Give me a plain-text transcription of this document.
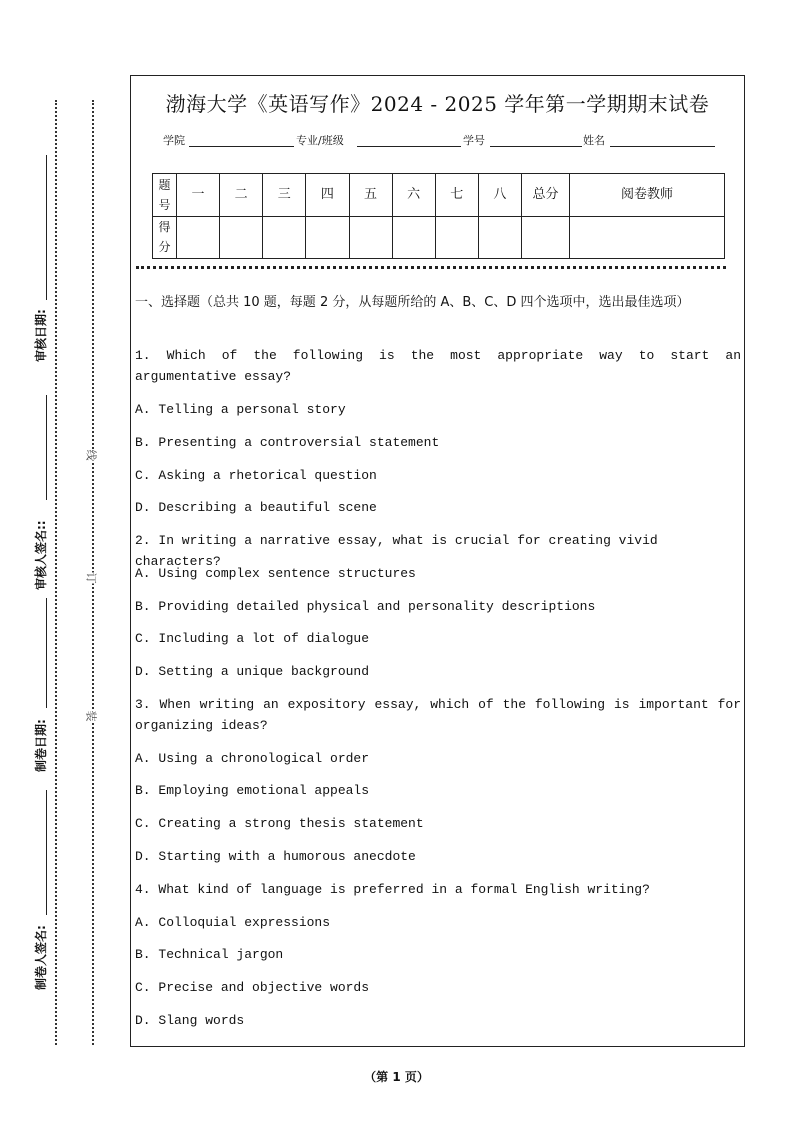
审核日期:
审核人签名::
制卷日期:
制卷人签名:
线
订
装
渤海大学《英语写作》2024 - 2025 学年第一学期期末试卷
学院	专业/班级	学号	姓名
题号	一	二	三	四	五	六	七	八	总分	阅卷教师
得分										
一、选择题（总共 10 题，每题 2 分，从每题所给的 A、B、C、D 四个选项中，选出最佳选项）
1. Which of the following is the most appropriate way to start an argumentative essay?
A. Telling a personal story
B. Presenting a controversial statement
C. Asking a rhetorical question
D. Describing a beautiful scene
2. In writing a narrative essay, what is crucial for creating vivid characters?
A. Using complex sentence structures
B. Providing detailed physical and personality descriptions
C. Including a lot of dialogue
D. Setting a unique background
3. When writing an expository essay, which of the following is important for organizing ideas?
A. Using a chronological order
B. Employing emotional appeals
C. Creating a strong thesis statement
D. Starting with a humorous anecdote
4. What kind of language is preferred in a formal English writing?
A. Colloquial expressions
B. Technical jargon
C. Precise and objective words
D. Slang words
（第 1 页）
